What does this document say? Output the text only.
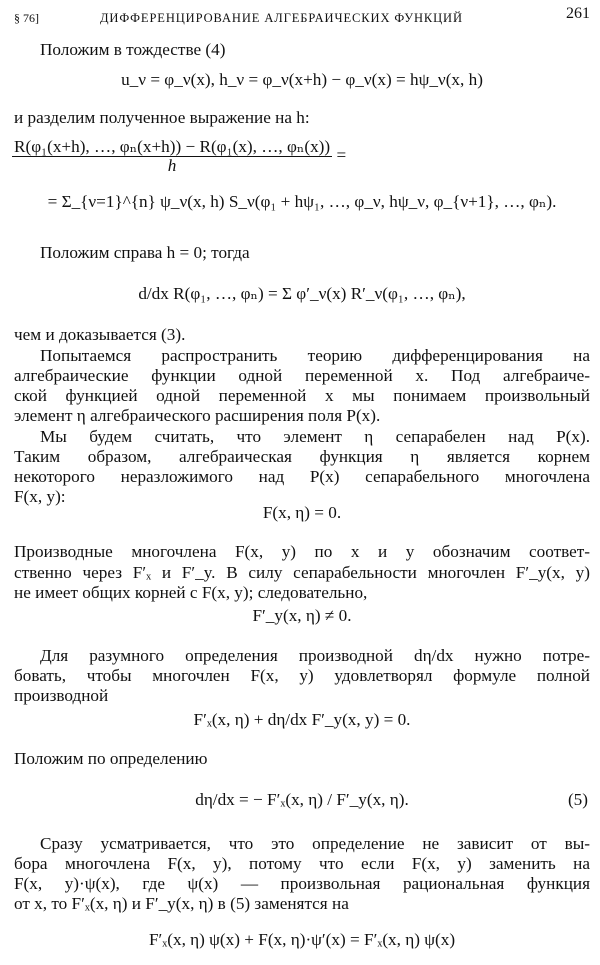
§ 76]	ДИФФЕРЕНЦИРОВАНИЕ АЛГЕБРАИЧЕСКИХ ФУНКЦИЙ	261
Положим в тождестве (4)
u_ν = φ_ν(x), h_ν = φ_ν(x+h) − φ_ν(x) = hψ_ν(x, h)
и разделим полученное выражение на h:
$\frac{\text{R(φ₁(x+h), …, φₙ(x+h)) − R(φ₁(x), …, φₙ(x))}}{h}$ =
= Σ_{ν=1}^{n} ψ_ν(x, h) S_ν(φ₁ + hψ₁, …, φ_ν, hψ_ν, φ_{ν+1}, …, φₙ).
Положим справа h = 0; тогда
d/dx R(φ₁, …, φₙ) = Σ φ′_ν(x) R′_ν(φ₁, …, φₙ),
чем и доказывается (3).
Попытаемся распространить теорию дифференцирования на
алгебраические функции одной переменной x. Под алгебраиче-
ской функцией одной переменной x мы понимаем произвольный
элемент η алгебраического расширения поля P(x).
Мы будем считать, что элемент η сепарабелен над P(x).
Таким образом, алгебраическая функция η является корнем
некоторого неразложимого над P(x) сепарабельного многочлена
F(x, y):
F(x, η) = 0.
Производные многочлена F(x, y) по x и y обозначим соответ-
ственно через F′ₓ и F′_y. В силу сепарабельности многочлен F′_y(x, y)
не имеет общих корней с F(x, y); следовательно,
F′_y(x, η) ≠ 0.
Для разумного определения производной dη/dx нужно потре-
бовать, чтобы многочлен F(x, y) удовлетворял формуле полной
производной
F′ₓ(x, η) + dη/dx F′_y(x, y) = 0.
Положим по определению
dη/dx = − F′ₓ(x, η) / F′_y(x, η).	(5)
Сразу усматривается, что это определение не зависит от вы-
бора многочлена F(x, y), потому что если F(x, y) заменить на
F(x, y)·ψ(x), где ψ(x) — произвольная рациональная функция
от x, то F′ₓ(x, η) и F′_y(x, η) в (5) заменятся на
F′ₓ(x, η) ψ(x) + F(x, η)·ψ′(x) = F′ₓ(x, η) ψ(x)
